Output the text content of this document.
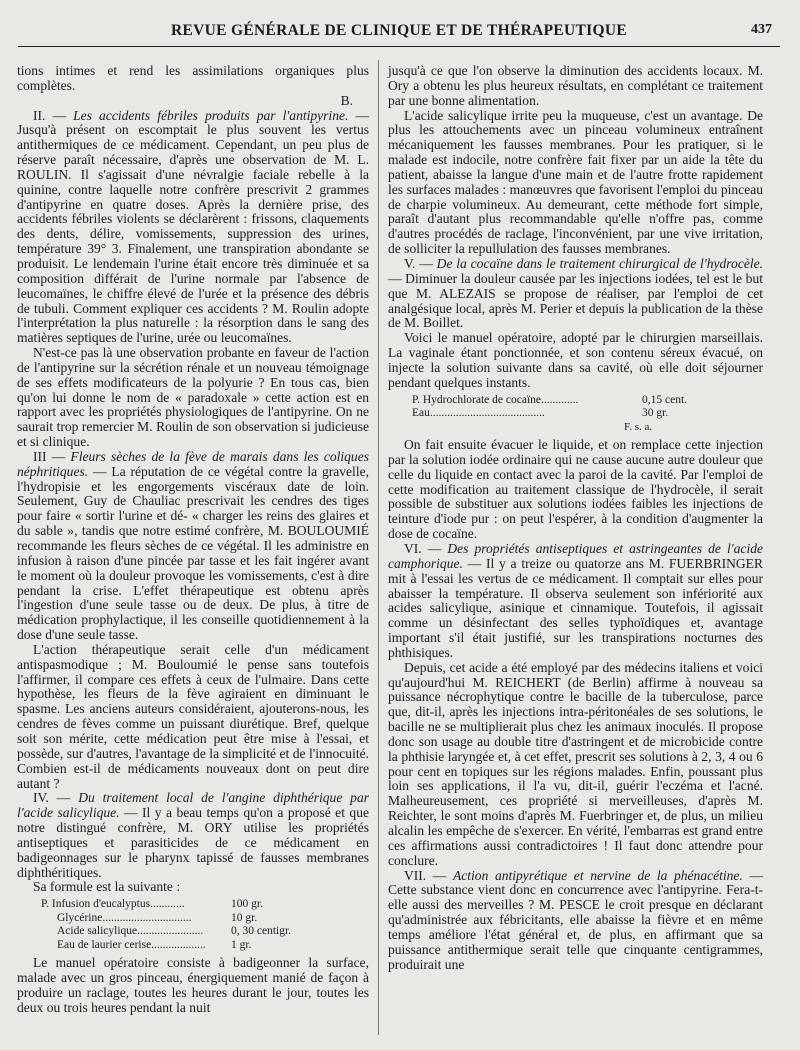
REVUE GÉNÉRALE DE CLINIQUE ET DE THÉRAPEUTIQUE	437

tions intimes et rend les assimilations organiques plus complètes.

B.

II. — Les accidents fébriles produits par l'antipyrine. — Jusqu'à présent on escomptait le plus souvent les vertus antithermiques de ce médicament. Cependant, un peu plus de réserve paraît nécessaire, d'après une observation de M. L. ROULIN. Il s'agissait d'une névralgie faciale rebelle à la quinine, contre laquelle notre confrère prescrivit 2 grammes d'antipyrine en quatre doses. Après la dernière prise, des accidents fébriles violents se déclarèrent : frissons, claquements des dents, délire, vomissements, suppression des urines, température 39° 3. Finalement, une transpiration abondante se produisit. Le lendemain l'urine était encore très diminuée et sa composition différait de l'urine normale par l'absence de leucomaïnes, le chiffre élevé de l'urée et la présence des débris de tubuli. Comment expliquer ces accidents ? M. Roulin adopte l'interprétation la plus naturelle : la résorption dans le sang des matières septiques de l'urine, urée ou leucomaïnes.

N'est-ce pas là une observation probante en faveur de l'action de l'antipyrine sur la sécrétion rénale et un nouveau témoignage de ses effets modificateurs de la polyurie ? En tous cas, bien qu'on lui donne le nom de « paradoxale » cette action est en rapport avec les propriétés physiologiques de l'antipyrine. On ne saurait trop remercier M. Roulin de son observation si judicieuse et si clinique.

III — Fleurs sèches de la fève de marais dans les coliques néphritiques. — La réputation de ce végétal contre la gravelle, l'hydropisie et les engorgements viscéraux date de loin. Seulement, Guy de Chauliac prescrivait les cendres des tiges pour faire « sortir l'urine et dé- « charger les reins des glaires et du sable », tandis que notre estimé confrère, M. BOULOUMIÉ recommande les fleurs sèches de ce végétal. Il les administre en infusion à raison d'une pincée par tasse et les fait ingérer avant le moment où la douleur provoque les vomissements, c'est à dire pendant la crise. L'effet thérapeutique est obtenu après l'ingestion d'une seule tasse ou de deux. De plus, à titre de médication prophylactique, il les conseille quotidiennement à la dose d'une seule tasse.

L'action thérapeutique serait celle d'un médicament antispasmodique ; M. Bouloumié le pense sans toutefois l'affirmer, il compare ces effets à ceux de l'ulmaire. Dans cette hypothèse, les fleurs de la fève agiraient en diminuant le spasme. Les anciens auteurs considéraient, ajouterons-nous, les cendres de fèves comme un puissant diurétique. Bref, quelque soit son mérite, cette médication peut être mise à l'essai, et possède, sur d'autres, l'avantage de la simplicité et de l'innocuité. Combien est-il de médicaments nouveaux dont on peut dire autant ?

IV. — Du traitement local de l'angine diphthérique par l'acide salicylique. — Il y a beau temps qu'on a proposé et que notre distingué confrère, M. ORY utilise les propriétés antiseptiques et parasiticides de ce médicament en badigeonnages sur le pharynx tapissé de fausses membranes diphthéritiques.

Sa formule est la suivante :

P. Infusion d'eucalyptus............	100 gr.
Glycérine...............................	10 gr.
Acide salicylique.......................	0, 30 centigr.
Eau de laurier cerise...................	1 gr.

Le manuel opératoire consiste à badigeonner la surface, malade avec un gros pinceau, énergiquement manié de façon à produire un raclage, toutes les heures durant le jour, toutes les deux ou trois heures pendant la nuit

jusqu'à ce que l'on observe la diminution des accidents locaux. M. Ory a obtenu les plus heureux résultats, en complétant ce traitement par une bonne alimentation.

L'acide salicylique irrite peu la muqueuse, c'est un avantage. De plus les attouchements avec un pinceau volumineux entraînent mécaniquement les fausses membranes. Pour les pratiquer, si le malade est indocile, notre confrère fait fixer par un aide la tête du patient, abaisse la langue d'une main et de l'autre frotte rapidement les surfaces malades : manœuvres que favorisent l'emploi du pinceau de charpie volumineux. Au demeurant, cette méthode fort simple, paraît d'autant plus recommandable qu'elle n'offre pas, comme d'autres procédés de raclage, l'inconvénient, par une vive irritation, de solliciter la repullulation des fausses membranes.

V. — De la cocaïne dans le traitement chirurgical de l'hydrocèle. — Diminuer la douleur causée par les injections iodées, tel est le but que M. ALEZAIS se propose de réaliser, par l'emploi de cet analgésique local, après M. Perier et depuis la publication de la thèse de M. Boillet.

Voici le manuel opératoire, adopté par le chirurgien marseillais. La vaginale étant ponctionnée, et son contenu séreux évacué, on injecte la solution suivante dans sa cavité, où elle doit séjourner pendant quelques instants.

P. Hydrochlorate de cocaïne.............	0,15 cent.
Eau........................................	30 gr.
F. s. a.

On fait ensuite évacuer le liquide, et on remplace cette injection par la solution iodée ordinaire qui ne cause aucune autre douleur que celle du liquide en contact avec la paroi de la cavité. Par l'emploi de cette modification au traitement classique de l'hydrocèle, il serait possible de substituer aux solutions iodées faibles les injections de teinture d'iode pur : on peut l'espérer, à la condition d'augmenter la dose de cocaïne.

VI. — Des propriétés antiseptiques et astringeantes de l'acide camphorique. — Il y a treize ou quatorze ans M. FUERBRINGER mit à l'essai les vertus de ce médicament. Il comptait sur elles pour abaisser la température. Il observa seulement son infériorité aux acides salicylique, asinique et cinnamique. Toutefois, il agissait comme un désinfectant des selles typhoïdiques et, avantage important s'il était justifié, sur les transpirations nocturnes des phthisiques.

Depuis, cet acide a été employé par des médecins italiens et voici qu'aujourd'hui M. REICHERT (de Berlin) affirme à nouveau sa puissance nécrophytique contre le bacille de la tuberculose, parce que, dit-il, après les injections intra-péritonéales de ses solutions, le bacille ne se multiplierait plus chez les animaux inoculés. Il propose donc son usage au double titre d'astringent et de microbicide contre la phthisie laryngée et, à cet effet, prescrit ses solutions à 2, 3, 4 ou 6 pour cent en topiques sur les régions malades. Enfin, poussant plus loin ses applications, il l'a vu, dit-il, guérir l'eczéma et l'acné. Malheureusement, ces propriété si merveilleuses, d'après M. Reichter, le sont moins d'après M. Fuerbringer et, de plus, un milieu alcalin les empêche de s'exercer. En vérité, l'embarras est grand entre ces affirmations aussi contradictoires ! Il faut donc attendre pour conclure.

VII. — Action antipyrétique et nervine de la phénacétine. — Cette substance vient donc en concurrence avec l'antipyrine. Fera-t-elle aussi des merveilles ? M. PESCE le croit presque en déclarant qu'administrée aux fébricitants, elle abaisse la fièvre et en même temps améliore l'état général et, de plus, en affirmant que sa puissance antithermique serait telle que cinquante centigrammes, produirait une
